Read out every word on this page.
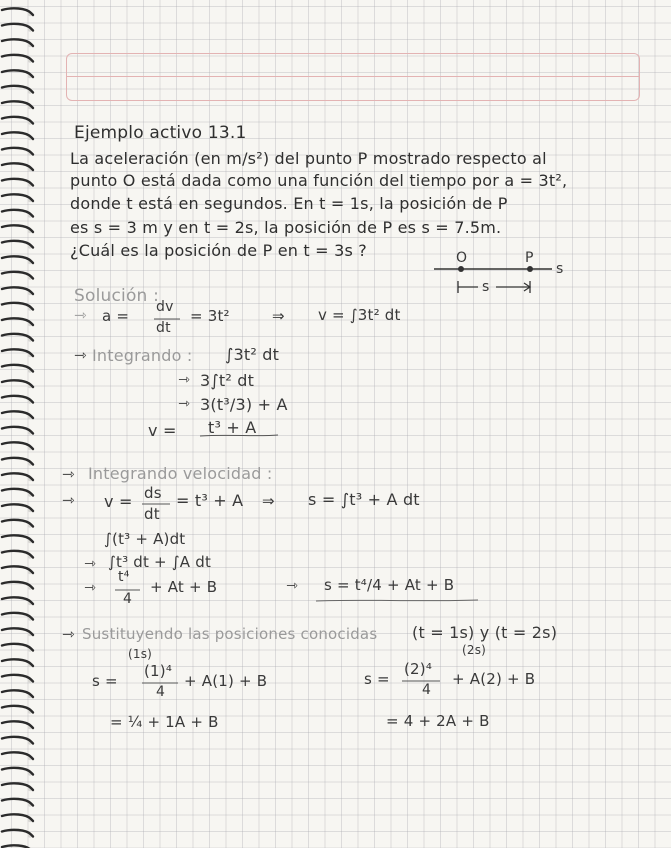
Ejemplo activo 13.1
La aceleración (en m/s²) del punto P mostrado respecto al
punto O está dada como una función del tiempo por a = 3t²,
donde t está en segundos. En t = 1s, la posición de P
es s = 3 m y en t = 2s, la posición de P es s = 7.5m.
¿Cuál es la posición de P en t = 3s ?	O	P
s
s
Solución :
⇾ a = dv
dt
= 3t²	⇒ v = ∫3t² dt
⇾ Integrando : ∫3t² dt
⇾ 3∫t² dt
⇾ 3(t³/3) + A
v = t³ + A
⇾ Integrando velocidad :
⇾ v = ds
dt
= t³ + A ⇒ s = ∫t³ + A dt
∫(t³ + A)dt
⇾ ∫t³ dt + ∫A dt
⇾
t⁴
4
+ At + B	⇾ s = t⁴/4 + At + B
⇾ Sustituyendo las posiciones conocidas (t = 1s) y (t = 2s)
(1s)	(2s)
s =
(1)⁴
4
+ A(1) + B	s =
(2)⁴
4
+ A(2) + B
= ¼ + 1A + B	= 4 + 2A + B
